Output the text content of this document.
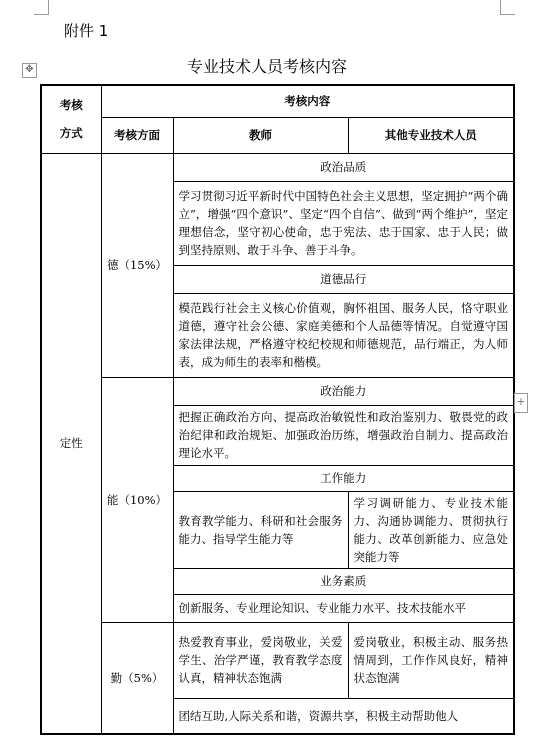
附件 1
✥	专业技术人员考核内容
考核方式	考核内容		
	考核方面	教师	其他专业技术人员
定性	德（15%）	政治品质	
		学习贯彻习近平新时代中国特色社会主义思想，坚定拥护“两个确立”，增强“四个意识”、坚定“四个自信”、做到“两个维护”，坚定理想信念，坚守初心使命，忠于宪法、忠于国家、忠于人民；做到坚持原则、敢于斗争、善于斗争。	
		道德品行	
		模范践行社会主义核心价值观，胸怀祖国、服务人民，恪守职业道德，遵守社会公德、家庭美德和个人品德等情况。自觉遵守国家法律法规，严格遵守校纪校规和师德规范，品行端正，为人师表，成为师生的表率和楷模。	
	能（10%）	政治能力	
		把握正确政治方向、提高政治敏锐性和政治鉴别力、敬畏党的政治纪律和政治规矩、加强政治历练，增强政治自制力、提高政治理论水平。	
		工作能力	
		教育教学能力、科研和社会服务能力、指导学生能力等	学习调研能力、专业技术能力、沟通协调能力、贯彻执行能力、改革创新能力、应急处突能力等
		业务素质	
		创新服务、专业理论知识、专业能力水平、技术技能水平	
	勤（5%）	热爱教育事业，爱岗敬业，关爱学生、治学严谨，教育教学态度认真，精神状态饱满	爱岗敬业，积极主动、服务热情周到，工作作风良好，精神状态饱满
		团结互助,人际关系和谐，资源共享，积极主动帮助他人	
+
